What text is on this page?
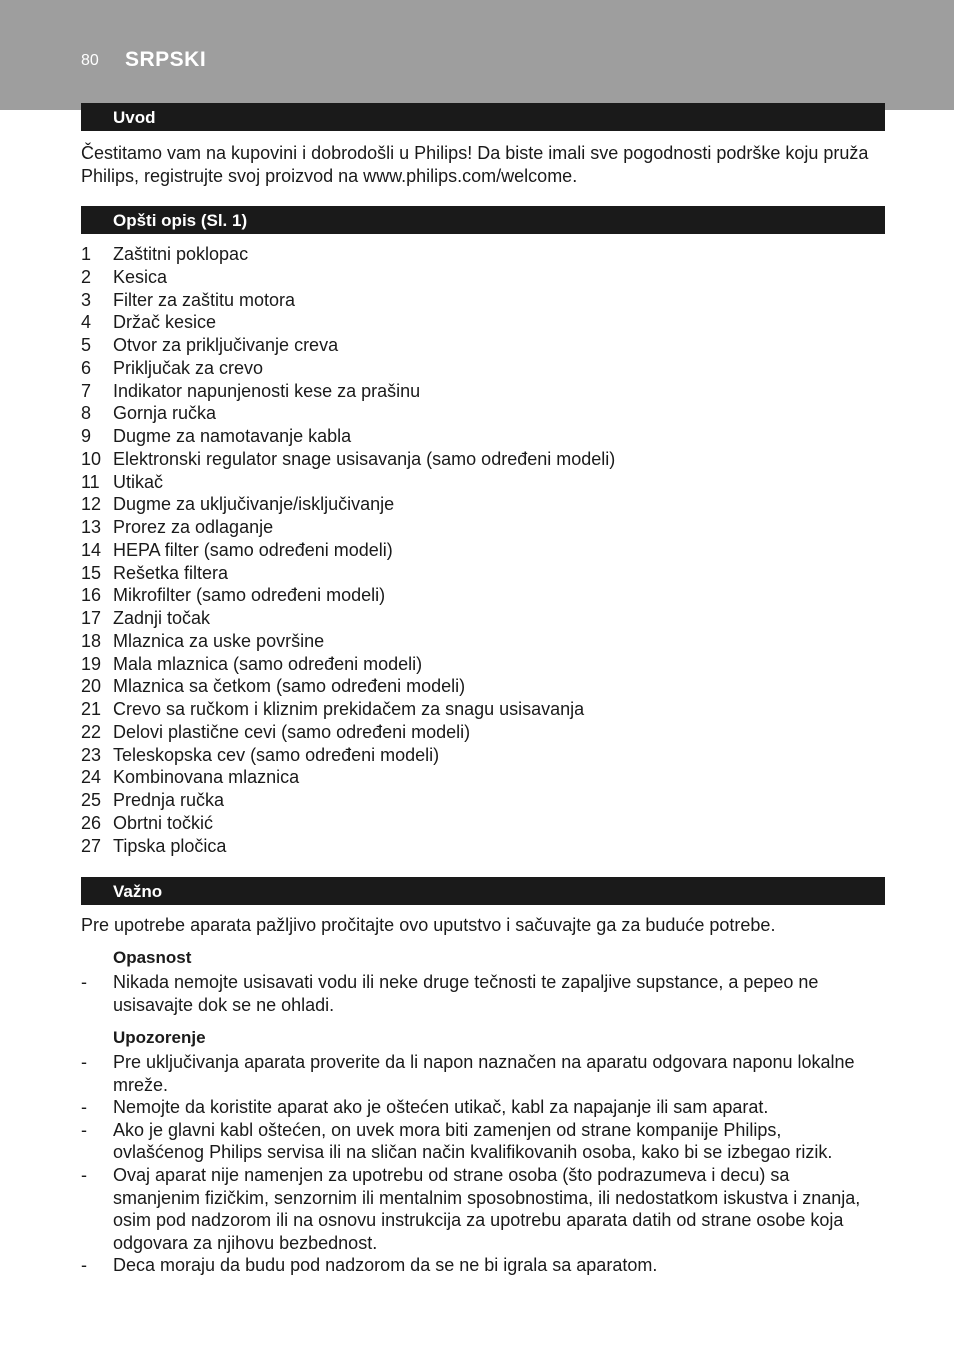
80 SRPSKI
Uvod

Čestitamo vam na kupovini i dobrodošli u Philips! Da biste imali sve pogodnosti podrške koju pruža Philips, registrujte svoj proizvod na www.philips.com/welcome.

Opšti opis (Sl. 1)
1 Zaštitni poklopac
2 Kesica
3 Filter za zaštitu motora
4 Držač kesice
5 Otvor za priključivanje creva
6 Priključak za crevo
7 Indikator napunjenosti kese za prašinu
8 Gornja ručka
9 Dugme za namotavanje kabla
10 Elektronski regulator snage usisavanja (samo određeni modeli)
11 Utikač
12 Dugme za uključivanje/isključivanje
13 Prorez za odlaganje
14 HEPA filter (samo određeni modeli)
15 Rešetka filtera
16 Mikrofilter (samo određeni modeli)
17 Zadnji točak
18 Mlaznica za uske površine
19 Mala mlaznica (samo određeni modeli)
20 Mlaznica sa četkom (samo određeni modeli)
21 Crevo sa ručkom i kliznim prekidačem za snagu usisavanja
22 Delovi plastične cevi (samo određeni modeli)
23 Teleskopska cev (samo određeni modeli)
24 Kombinovana mlaznica
25 Prednja ručka
26 Obrtni točkić
27 Tipska pločica
Važno

Pre upotrebe aparata pažljivo pročitajte ovo uputstvo i sačuvajte ga za buduće potrebe.

Opasnost
- Nikada nemojte usisavati vodu ili neke druge tečnosti te zapaljive supstance, a pepeo ne usisavajte dok se ne ohladi.
Upozorenje
- Pre uključivanja aparata proverite da li napon naznačen na aparatu odgovara naponu lokalne mreže.
- Nemojte da koristite aparat ako je oštećen utikač, kabl za napajanje ili sam aparat.
- Ako je glavni kabl oštećen, on uvek mora biti zamenjen od strane kompanije Philips, ovlašćenog Philips servisa ili na sličan način kvalifikovanih osoba, kako bi se izbegao rizik.
- Ovaj aparat nije namenjen za upotrebu od strane osoba (što podrazumeva i decu) sa smanjenim fizičkim, senzornim ili mentalnim sposobnostima, ili nedostatkom iskustva i znanja, osim pod nadzorom ili na osnovu instrukcija za upotrebu aparata datih od strane osobe koja odgovara za njihovu bezbednost.
- Deca moraju da budu pod nadzorom da se ne bi igrala sa aparatom.
